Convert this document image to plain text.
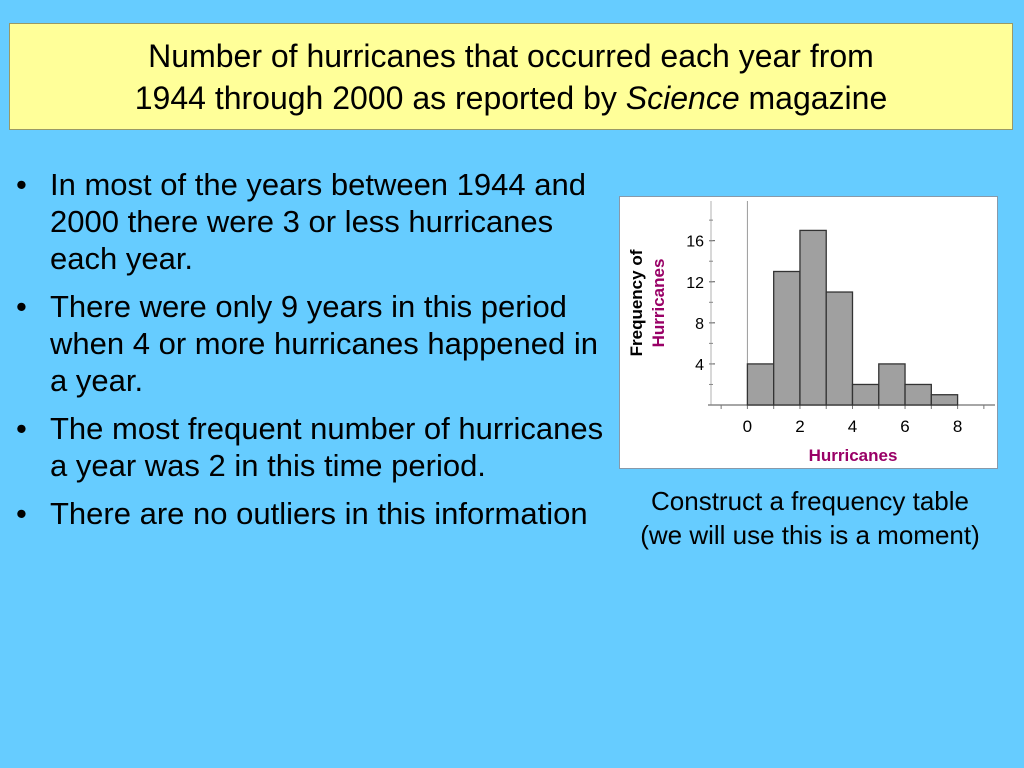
Number of hurricanes that occurred each year from
1944 through 2000 as reported by Science magazine
• In most of the years between 1944 and 2000 there were 3 or less hurricanes each year.
• There were only 9 years in this period when 4 or more hurricanes happened in a year.
• The most frequent number of hurricanes a year was 2 in this time period.
• There are no outliers in this information
4
8
12
16
0	2	4	6	8
Hurricanes
Frequency of Hurricanes
Construct a frequency table (we will use this is a moment)
